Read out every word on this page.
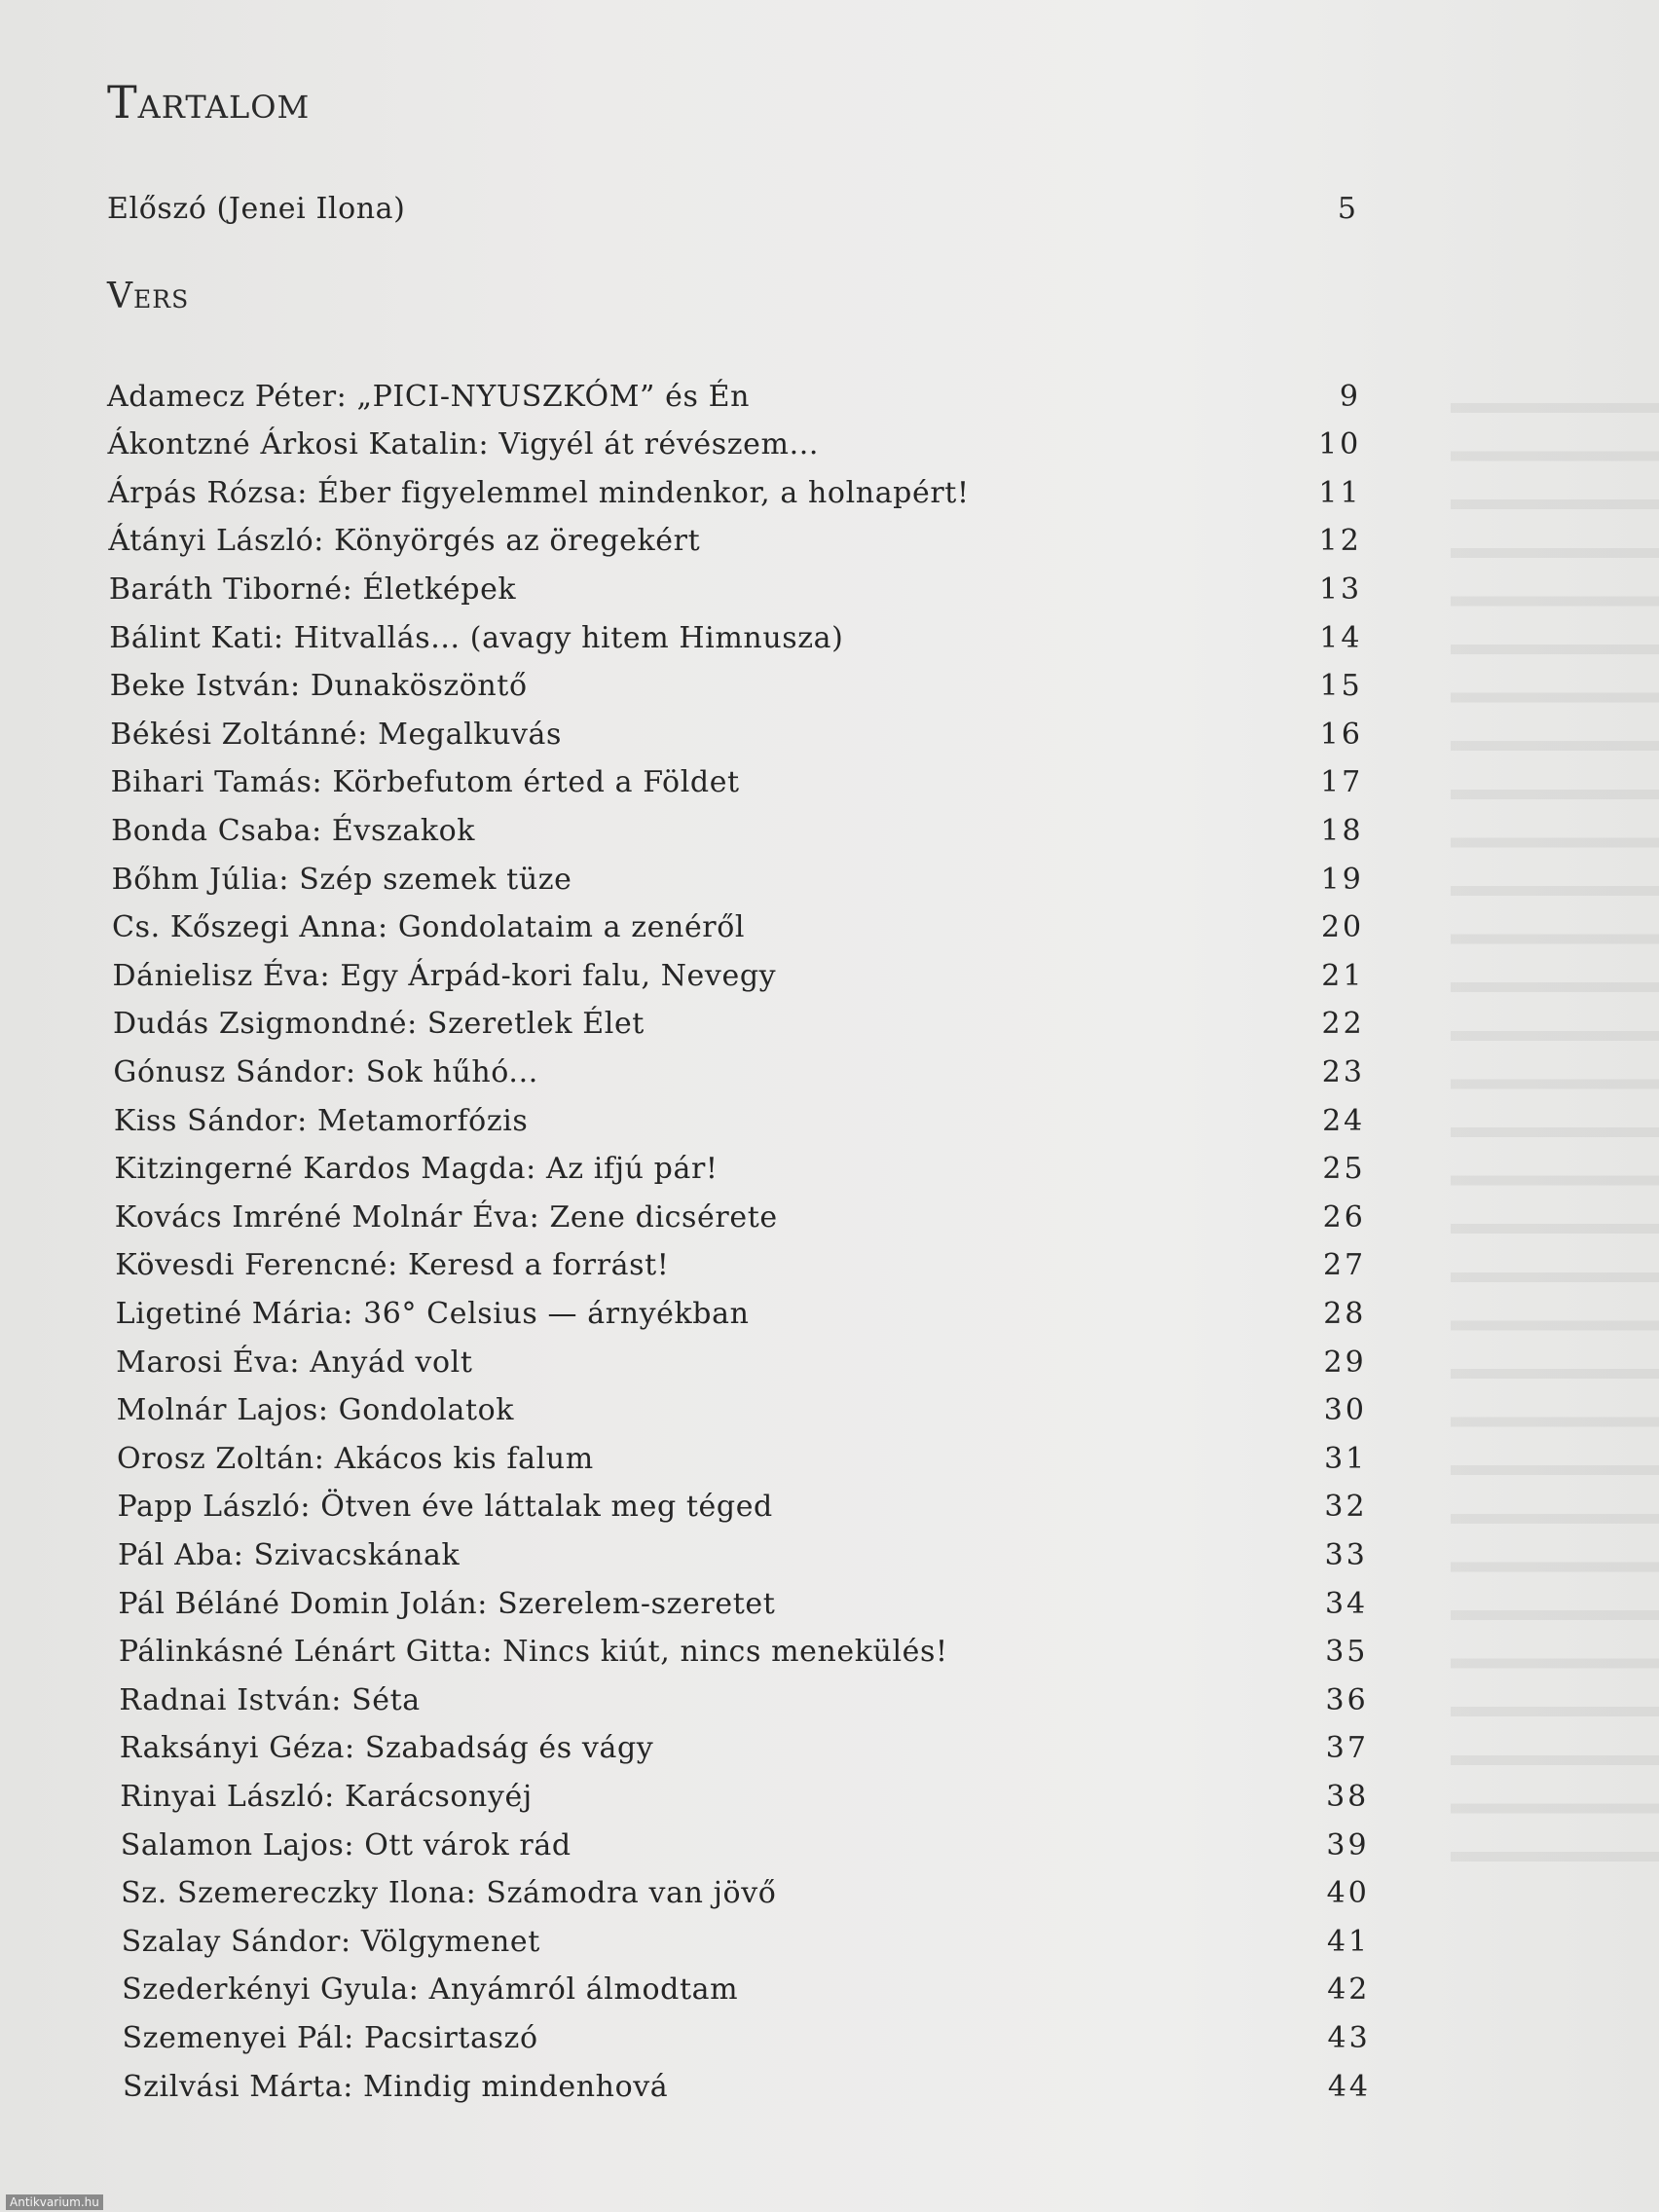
Tartalom
Előszó (Jenei Ilona)	5
Vers
Adamecz Péter: „PICI-NYUSZKÓM” és Én	9
Ákontzné Árkosi Katalin: Vigyél át révészem...	10
Árpás Rózsa: Éber figyelemmel mindenkor, a holnapért!	11
Átányi László: Könyörgés az öregekért	12
Baráth Tiborné: Életképek	13
Bálint Kati: Hitvallás... (avagy hitem Himnusza)	14
Beke István: Dunaköszöntő	15
Békési Zoltánné: Megalkuvás	16
Bihari Tamás: Körbefutom érted a Földet	17
Bonda Csaba: Évszakok	18
Bőhm Júlia: Szép szemek tüze	19
Cs. Kőszegi Anna: Gondolataim a zenéről	20
Dánielisz Éva: Egy Árpád-kori falu, Nevegy	21
Dudás Zsigmondné: Szeretlek Élet	22
Gónusz Sándor: Sok hűhó...	23
Kiss Sándor: Metamorfózis	24
Kitzingerné Kardos Magda: Az ifjú pár!	25
Kovács Imréné Molnár Éva: Zene dicsérete	26
Kövesdi Ferencné: Keresd a forrást!	27
Ligetiné Mária: 36° Celsius — árnyékban	28
Marosi Éva: Anyád volt	29
Molnár Lajos: Gondolatok	30
Orosz Zoltán: Akácos kis falum	31
Papp László: Ötven éve láttalak meg téged	32
Pál Aba: Szivacskának	33
Pál Béláné Domin Jolán: Szerelem-szeretet	34
Pálinkásné Lénárt Gitta: Nincs kiút, nincs menekülés!	35
Radnai István: Séta	36
Raksányi Géza: Szabadság és vágy	37
Rinyai László: Karácsonyéj	38
Salamon Lajos: Ott várok rád	39
Sz. Szemereczky Ilona: Számodra van jövő	40
Szalay Sándor: Völgymenet	41
Szederkényi Gyula: Anyámról álmodtam	42
Szemenyei Pál: Pacsirtaszó	43
Szilvási Márta: Mindig mindenhová	44
Antikvarium.hu
